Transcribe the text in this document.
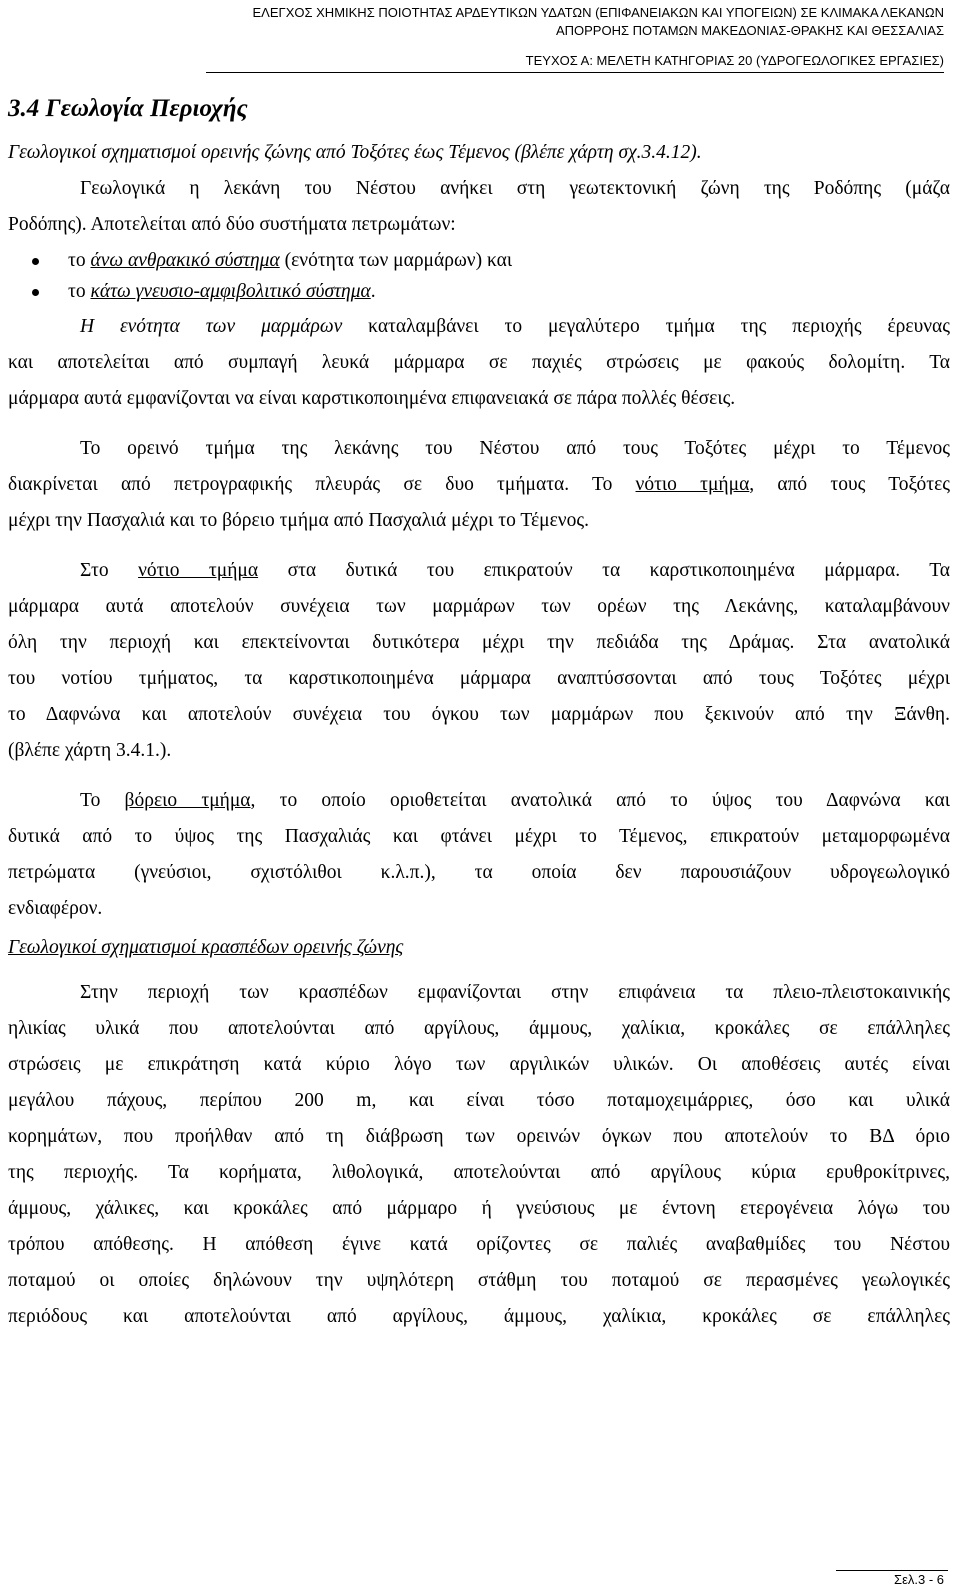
ΕΛΕΓΧΟΣ ΧΗΜΙΚΗΣ ΠΟΙΟΤΗΤΑΣ ΑΡΔΕΥΤΙΚΩΝ ΥΔΑΤΩΝ (ΕΠΙΦΑΝΕΙΑΚΩΝ ΚΑΙ ΥΠΟΓΕΙΩΝ) ΣΕ ΚΛΙΜΑΚΑ ΛΕΚΑΝΩΝ
ΑΠΟΡΡΟΗΣ ΠΟΤΑΜΩΝ ΜΑΚΕΔΟΝΙΑΣ-ΘΡΑΚΗΣ ΚΑΙ ΘΕΣΣΑΛΙΑΣ
ΤΕΥΧΟΣ Α: ΜΕΛΕΤΗ ΚΑΤΗΓΟΡΙΑΣ 20 (ΥΔΡΟΓΕΩΛΟΓΙΚΕΣ ΕΡΓΑΣΙΕΣ)
3.4 Γεωλογία Περιοχής
Γεωλογικοί σχηματισμοί ορεινής ζώνης από Τοξότες έως Τέμενος (βλέπε χάρτη σχ.3.4.12).
Γεωλογικά η λεκάνη του Νέστου ανήκει στη γεωτεκτονική ζώνη της Ροδόπης (μάζα
Ροδόπης). Αποτελείται από δύο συστήματα πετρωμάτων:
το άνω ανθρακικό σύστημα (ενότητα των μαρμάρων) και
το κάτω γνευσιο-αμφιβολιτικό σύστημα.
Η ενότητα των μαρμάρων καταλαμβάνει το μεγαλύτερο τμήμα της περιοχής έρευνας
και αποτελείται από συμπαγή λευκά μάρμαρα σε παχιές στρώσεις με φακούς δολομίτη. Τα
μάρμαρα αυτά εμφανίζονται να είναι καρστικοποιημένα επιφανειακά σε πάρα πολλές θέσεις.
Το ορεινό τμήμα της λεκάνης του Νέστου από τους Τοξότες μέχρι το Τέμενος
διακρίνεται από πετρογραφικής πλευράς σε δυο τμήματα. Το νότιο τμήμα, από τους Τοξότες
μέχρι την Πασχαλιά και το βόρειο τμήμα από Πασχαλιά μέχρι το Τέμενος.
Στο νότιο τμήμα στα δυτικά του επικρατούν τα καρστικοποιημένα μάρμαρα. Τα
μάρμαρα αυτά αποτελούν συνέχεια των μαρμάρων των ορέων της Λεκάνης, καταλαμβάνουν
όλη την περιοχή και επεκτείνονται δυτικότερα μέχρι την πεδιάδα της Δράμας. Στα ανατολικά
του νοτίου τμήματος, τα καρστικοποιημένα μάρμαρα αναπτύσσονται από τους Τοξότες μέχρι
το Δαφνώνα και αποτελούν συνέχεια του όγκου των μαρμάρων που ξεκινούν από την Ξάνθη.
(βλέπε χάρτη 3.4.1.).
Το βόρειο τμήμα, το οποίο οριοθετείται ανατολικά από το ύψος του Δαφνώνα και
δυτικά από το ύψος της Πασχαλιάς και φτάνει μέχρι το Τέμενος, επικρατούν μεταμορφωμένα
πετρώματα (γνεύσιοι, σχιστόλιθοι κ.λ.π.), τα οποία δεν παρουσιάζουν υδρογεωλογικό
ενδιαφέρον.
Γεωλογικοί σχηματισμοί κρασπέδων ορεινής ζώνης
Στην περιοχή των κρασπέδων εμφανίζονται στην επιφάνεια τα πλειο-πλειστοκαινικής
ηλικίας υλικά που αποτελούνται από αργίλους, άμμους, χαλίκια, κροκάλες σε επάλληλες
στρώσεις με επικράτηση κατά κύριο λόγο των αργιλικών υλικών. Οι αποθέσεις αυτές είναι
μεγάλου πάχους, περίπου 200 m, και είναι τόσο ποταμοχειμάρριες, όσο και υλικά
κορημάτων, που προήλθαν από τη διάβρωση των ορεινών όγκων που αποτελούν το ΒΔ όριο
της περιοχής. Τα κορήματα, λιθολογικά, αποτελούνται από αργίλους κύρια ερυθροκίτρινες,
άμμους, χάλικες, και κροκάλες από μάρμαρο ή γνεύσιους με έντονη ετερογένεια λόγω του
τρόπου απόθεσης. Η απόθεση έγινε κατά ορίζοντες σε παλιές αναβαθμίδες του Νέστου
ποταμού οι οποίες δηλώνουν την υψηλότερη στάθμη του ποταμού σε περασμένες γεωλογικές
περιόδους και αποτελούνται από αργίλους, άμμους, χαλίκια, κροκάλες σε επάλληλες
Σελ.3 - 6
